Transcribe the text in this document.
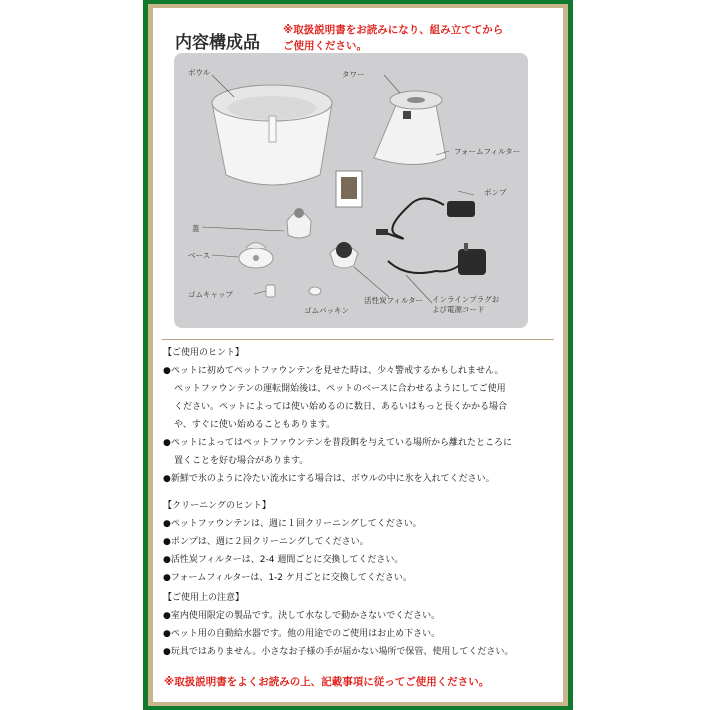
内容構成品
※取扱説明書をお読みになり、組み立ててから
ご使用ください。
ボウル	タワー
フォームフィルター
ポンプ
蓋
ベース
ゴムキャップ
ゴムパッキン
活性炭フィルター インラインプラグお
よび電源コード
【ご使用のヒント】
●ペットに初めてペットファウンテンを見せた時は、少々警戒するかもしれません。
ペットファウンテンの運転開始後は、ペットのベースに合わせるようにしてご使用
ください。ペットによっては使い始めるのに数日、あるいはもっと長くかかる場合
や、すぐに使い始めることもあります。
●ペットによってはペットファウンテンを普段餌を与えている場所から離れたところに
置くことを好む場合があります。
●新鮮で氷のように冷たい流水にする場合は、ボウルの中に氷を入れてください。
【クリーニングのヒント】
●ペットファウンテンは、週に１回クリーニングしてください。
●ポンプは、週に２回クリーニングしてください。
●活性炭フィルターは、2-4 週間ごとに交換してください。
●フォームフィルターは、1-2 ケ月ごとに交換してください。
【ご使用上の注意】
●室内使用限定の製品です。決して水なしで動かさないでください。
●ペット用の自動給水器です。他の用途でのご使用はお止め下さい。
●玩具ではありません。小さなお子様の手が届かない場所で保管、使用してください。
※取扱説明書をよくお読みの上、記載事項に従ってご使用ください。
